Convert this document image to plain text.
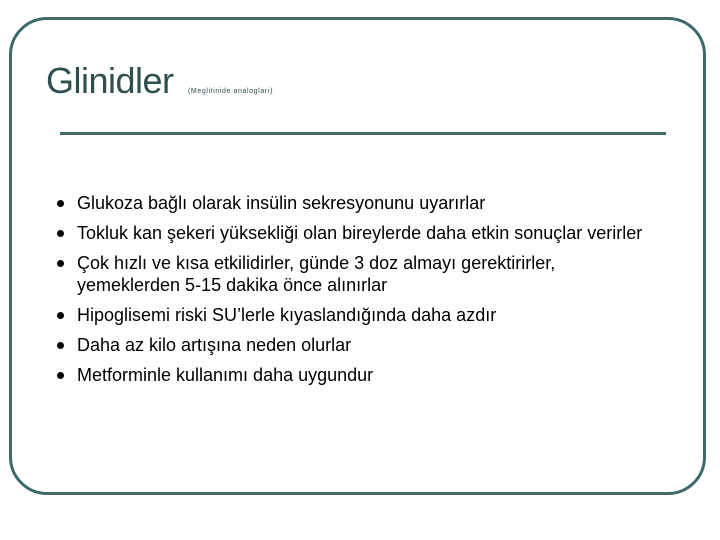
Glinidler (Meglitinide analogları)
Glukoza bağlı olarak insülin sekresyonunu uyarırlar
Tokluk kan şekeri yüksekliği olan bireylerde daha etkin sonuçlar verirler
Çok hızlı ve kısa etkilidirler, günde 3 doz almayı gerektirirler, yemeklerden 5-15 dakika önce alınırlar
Hipoglisemi riski SU’lerle kıyaslandığında daha azdır
Daha az kilo artışına neden olurlar
Metforminle kullanımı daha uygundur
